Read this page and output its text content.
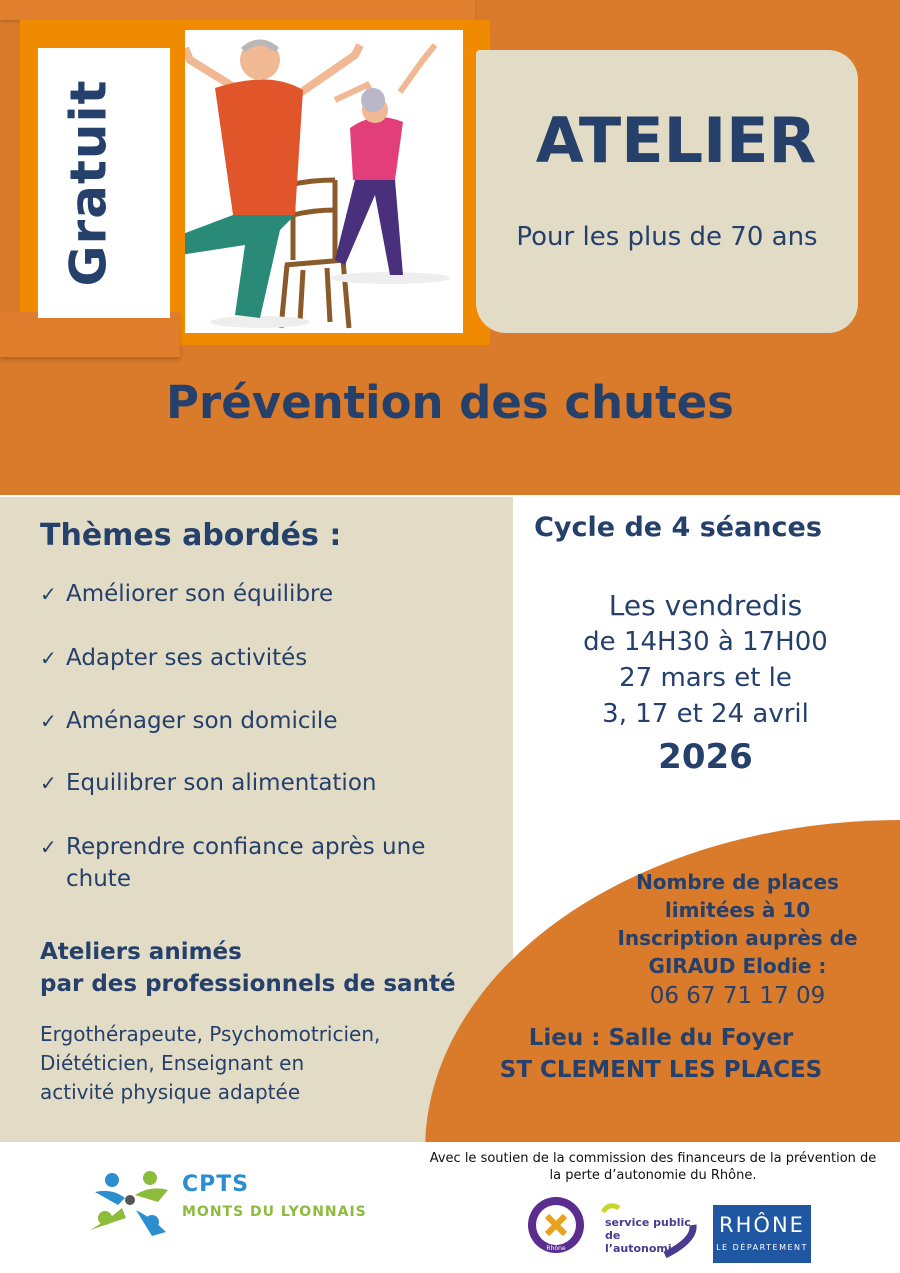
Gratuit	ATELIER
Pour les plus de 70 ans
Prévention des chutes
Thèmes abordés :
✓ Améliorer son équilibre
✓ Adapter ses activités
✓ Aménager son domicile
✓ Equilibrer son alimentation
✓ Reprendre confiance après une
chute
Ateliers animés
par des professionnels de santé
Ergothérapeute, Psychomotricien,
Diététicien, Enseignant en
activité physique adaptée
Cycle de 4 séances
Les vendredis
de 14H30 à 17H00
27 mars et le
3, 17 et 24 avril
2026
Nombre de places
limitées à 10
Inscription auprès de
GIRAUD Elodie :
06 67 71 17 09
Lieu : Salle du Foyer
ST CLEMENT LES PLACES
CPTS
MONTS DU LYONNAIS
Avec le soutien de la commission des financeurs de la prévention de
la perte d’autonomie du Rhône.
Rhône
service public
de l’autonomie
RHÔNE
LE DÉPARTEMENT
